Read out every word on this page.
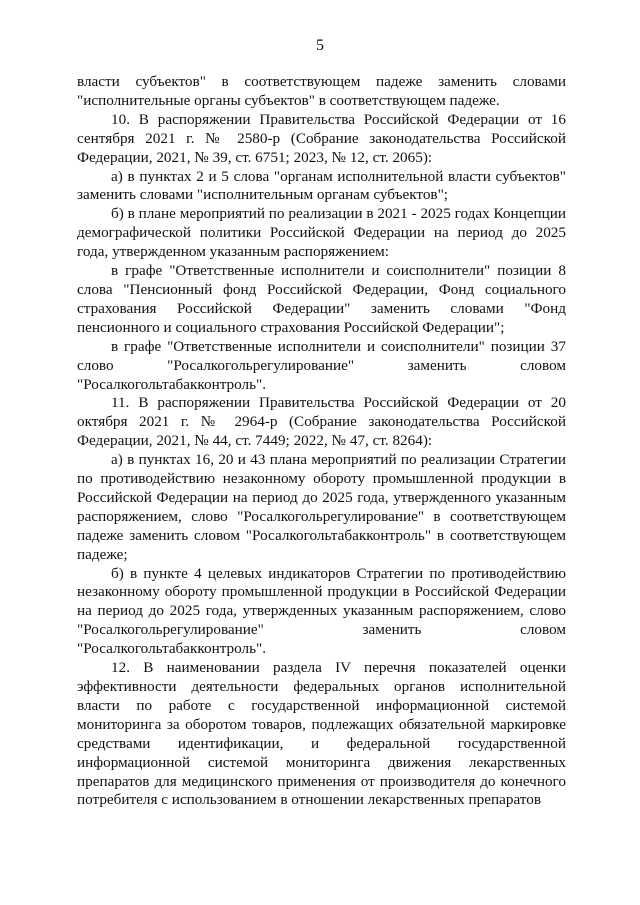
5

власти субъектов" в соответствующем падеже заменить словами "исполнительные органы субъектов" в соответствующем падеже.

10. В распоряжении Правительства Российской Федерации от 16 сентября 2021 г. № 2580-р (Собрание законодательства Российской Федерации, 2021, № 39, ст. 6751; 2023, № 12, ст. 2065):

а) в пунктах 2 и 5 слова "органам исполнительной власти субъектов" заменить словами "исполнительным органам субъектов";

б) в плане мероприятий по реализации в 2021 - 2025 годах Концепции демографической политики Российской Федерации на период до 2025 года, утвержденном указанным распоряжением:

в графе "Ответственные исполнители и соисполнители" позиции 8 слова "Пенсионный фонд Российской Федерации, Фонд социального страхования Российской Федерации" заменить словами "Фонд пенсионного и социального страхования Российской Федерации";

в графе "Ответственные исполнители и соисполнители" позиции 37 слово "Росалкогольрегулирование" заменить словом "Росалкогольтабакконтроль".

11. В распоряжении Правительства Российской Федерации от 20 октября 2021 г. № 2964-р (Собрание законодательства Российской Федерации, 2021, № 44, ст. 7449; 2022, № 47, ст. 8264):

а) в пунктах 16, 20 и 43 плана мероприятий по реализации Стратегии по противодействию незаконному обороту промышленной продукции в Российской Федерации на период до 2025 года, утвержденного указанным распоряжением, слово "Росалкогольрегулирование" в соответствующем падеже заменить словом "Росалкогольтабакконтроль" в соответствующем падеже;

б) в пункте 4 целевых индикаторов Стратегии по противодействию незаконному обороту промышленной продукции в Российской Федерации на период до 2025 года, утвержденных указанным распоряжением, слово "Росалкогольрегулирование" заменить словом "Росалкогольтабакконтроль".

12. В наименовании раздела IV перечня показателей оценки эффективности деятельности федеральных органов исполнительной власти по работе с государственной информационной системой мониторинга за оборотом товаров, подлежащих обязательной маркировке средствами идентификации, и федеральной государственной информационной системой мониторинга движения лекарственных препаратов для медицинского применения от производителя до конечного потребителя с использованием в отношении лекарственных препаратов
